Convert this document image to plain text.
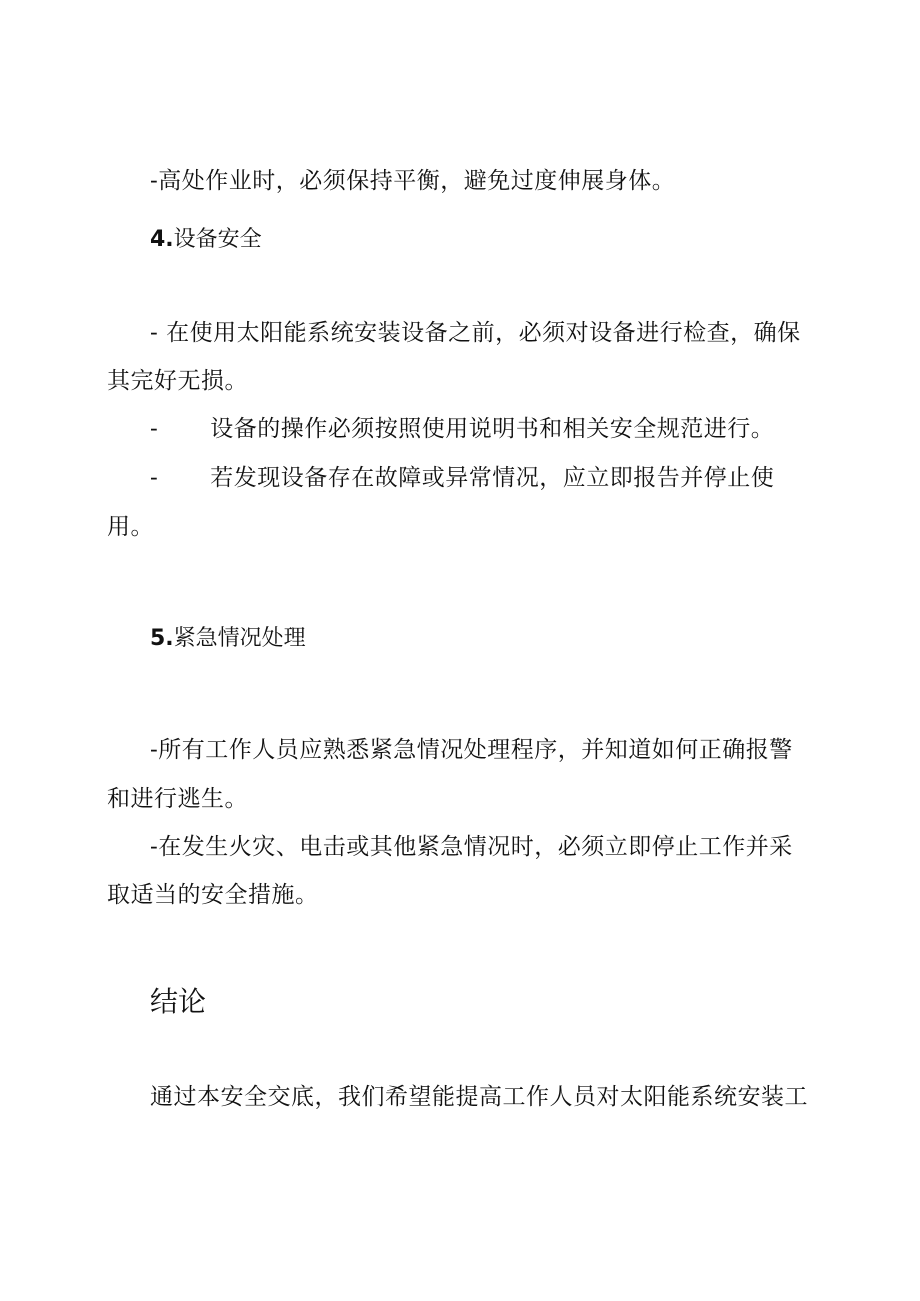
-高处作业时，必须保持平衡，避免过度伸展身体。
4.设备安全
- 在使用太阳能系统安装设备之前，必须对设备进行检查，确保
其完好无损。
- 设备的操作必须按照使用说明书和相关安全规范进行。
- 若发现设备存在故障或异常情况，应立即报告并停止使
用。
5.紧急情况处理
-所有工作人员应熟悉紧急情况处理程序，并知道如何正确报警
和进行逃生。
-在发生火灾、电击或其他紧急情况时，必须立即停止工作并采
取适当的安全措施。
结论
通过本安全交底，我们希望能提高工作人员对太阳能系统安装工
